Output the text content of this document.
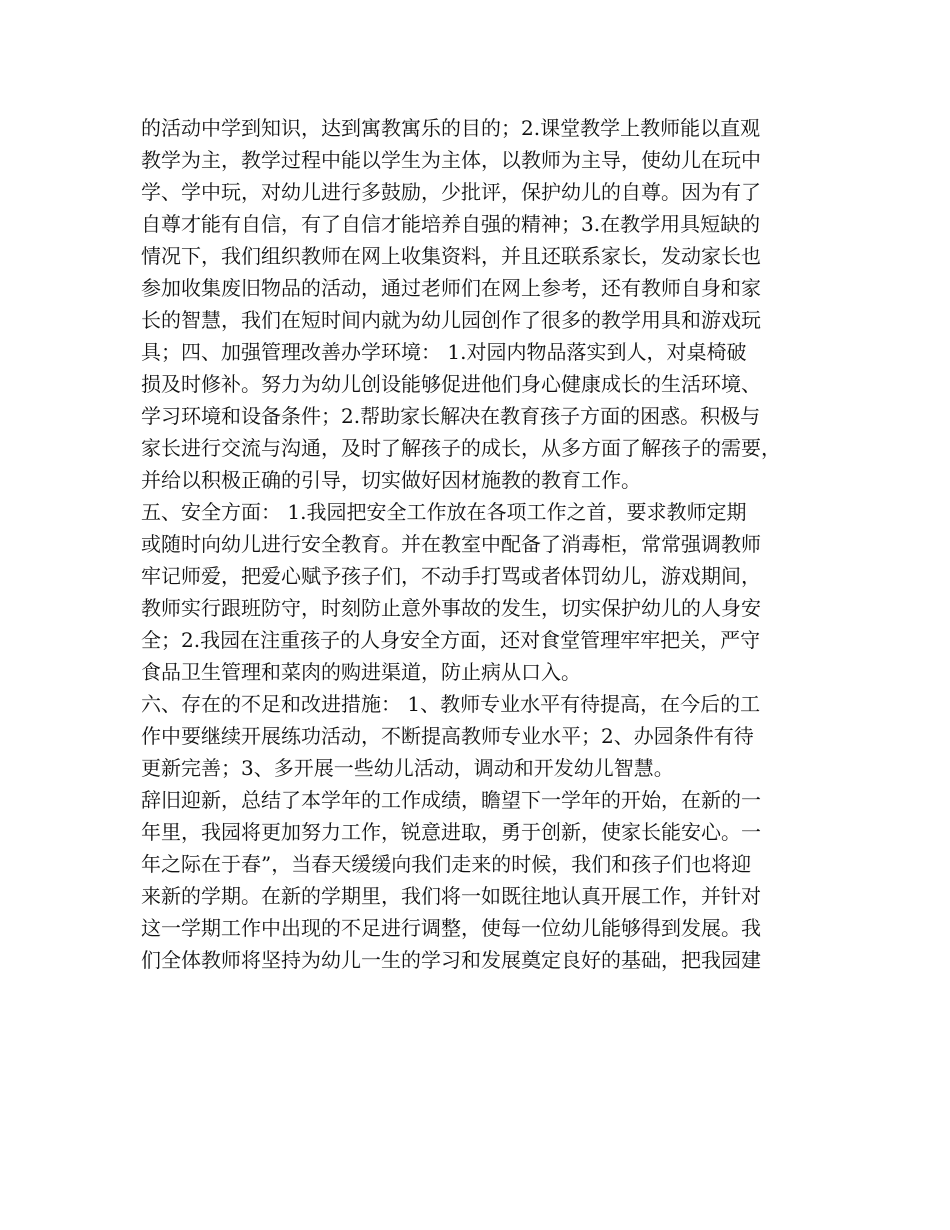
的活动中学到知识，达到寓教寓乐的目的；2.课堂教学上教师能以直观
教学为主，教学过程中能以学生为主体，以教师为主导，使幼儿在玩中
学、学中玩，对幼儿进行多鼓励，少批评，保护幼儿的自尊。因为有了
自尊才能有自信，有了自信才能培养自强的精神；3.在教学用具短缺的
情况下，我们组织教师在网上收集资料，并且还联系家长，发动家长也
参加收集废旧物品的活动，通过老师们在网上参考，还有教师自身和家
长的智慧，我们在短时间内就为幼儿园创作了很多的教学用具和游戏玩
具；四、加强管理改善办学环境： 1.对园内物品落实到人，对桌椅破
损及时修补。努力为幼儿创设能够促进他们身心健康成长的生活环境、
学习环境和设备条件；2.帮助家长解决在教育孩子方面的困惑。积极与
家长进行交流与沟通，及时了解孩子的成长，从多方面了解孩子的需要，
并给以积极正确的引导，切实做好因材施教的教育工作。
五、安全方面： 1.我园把安全工作放在各项工作之首，要求教师定期
或随时向幼儿进行安全教育。并在教室中配备了消毒柜，常常强调教师
牢记师爱，把爱心赋予孩子们，不动手打骂或者体罚幼儿，游戏期间，
教师实行跟班防守，时刻防止意外事故的发生，切实保护幼儿的人身安
全；2.我园在注重孩子的人身安全方面，还对食堂管理牢牢把关，严守
食品卫生管理和菜肉的购进渠道，防止病从口入。
六、存在的不足和改进措施： 1、教师专业水平有待提高，在今后的工
作中要继续开展练功活动，不断提高教师专业水平；2、办园条件有待
更新完善；3、多开展一些幼儿活动，调动和开发幼儿智慧。
辞旧迎新，总结了本学年的工作成绩，瞻望下一学年的开始，在新的一
年里，我园将更加努力工作，锐意进取，勇于创新，使家长能安心。一
年之际在于春”，当春天缓缓向我们走来的时候，我们和孩子们也将迎
来新的学期。在新的学期里，我们将一如既往地认真开展工作，并针对
这一学期工作中出现的不足进行调整，使每一位幼儿能够得到发展。我
们全体教师将坚持为幼儿一生的学习和发展奠定良好的基础，把我园建
